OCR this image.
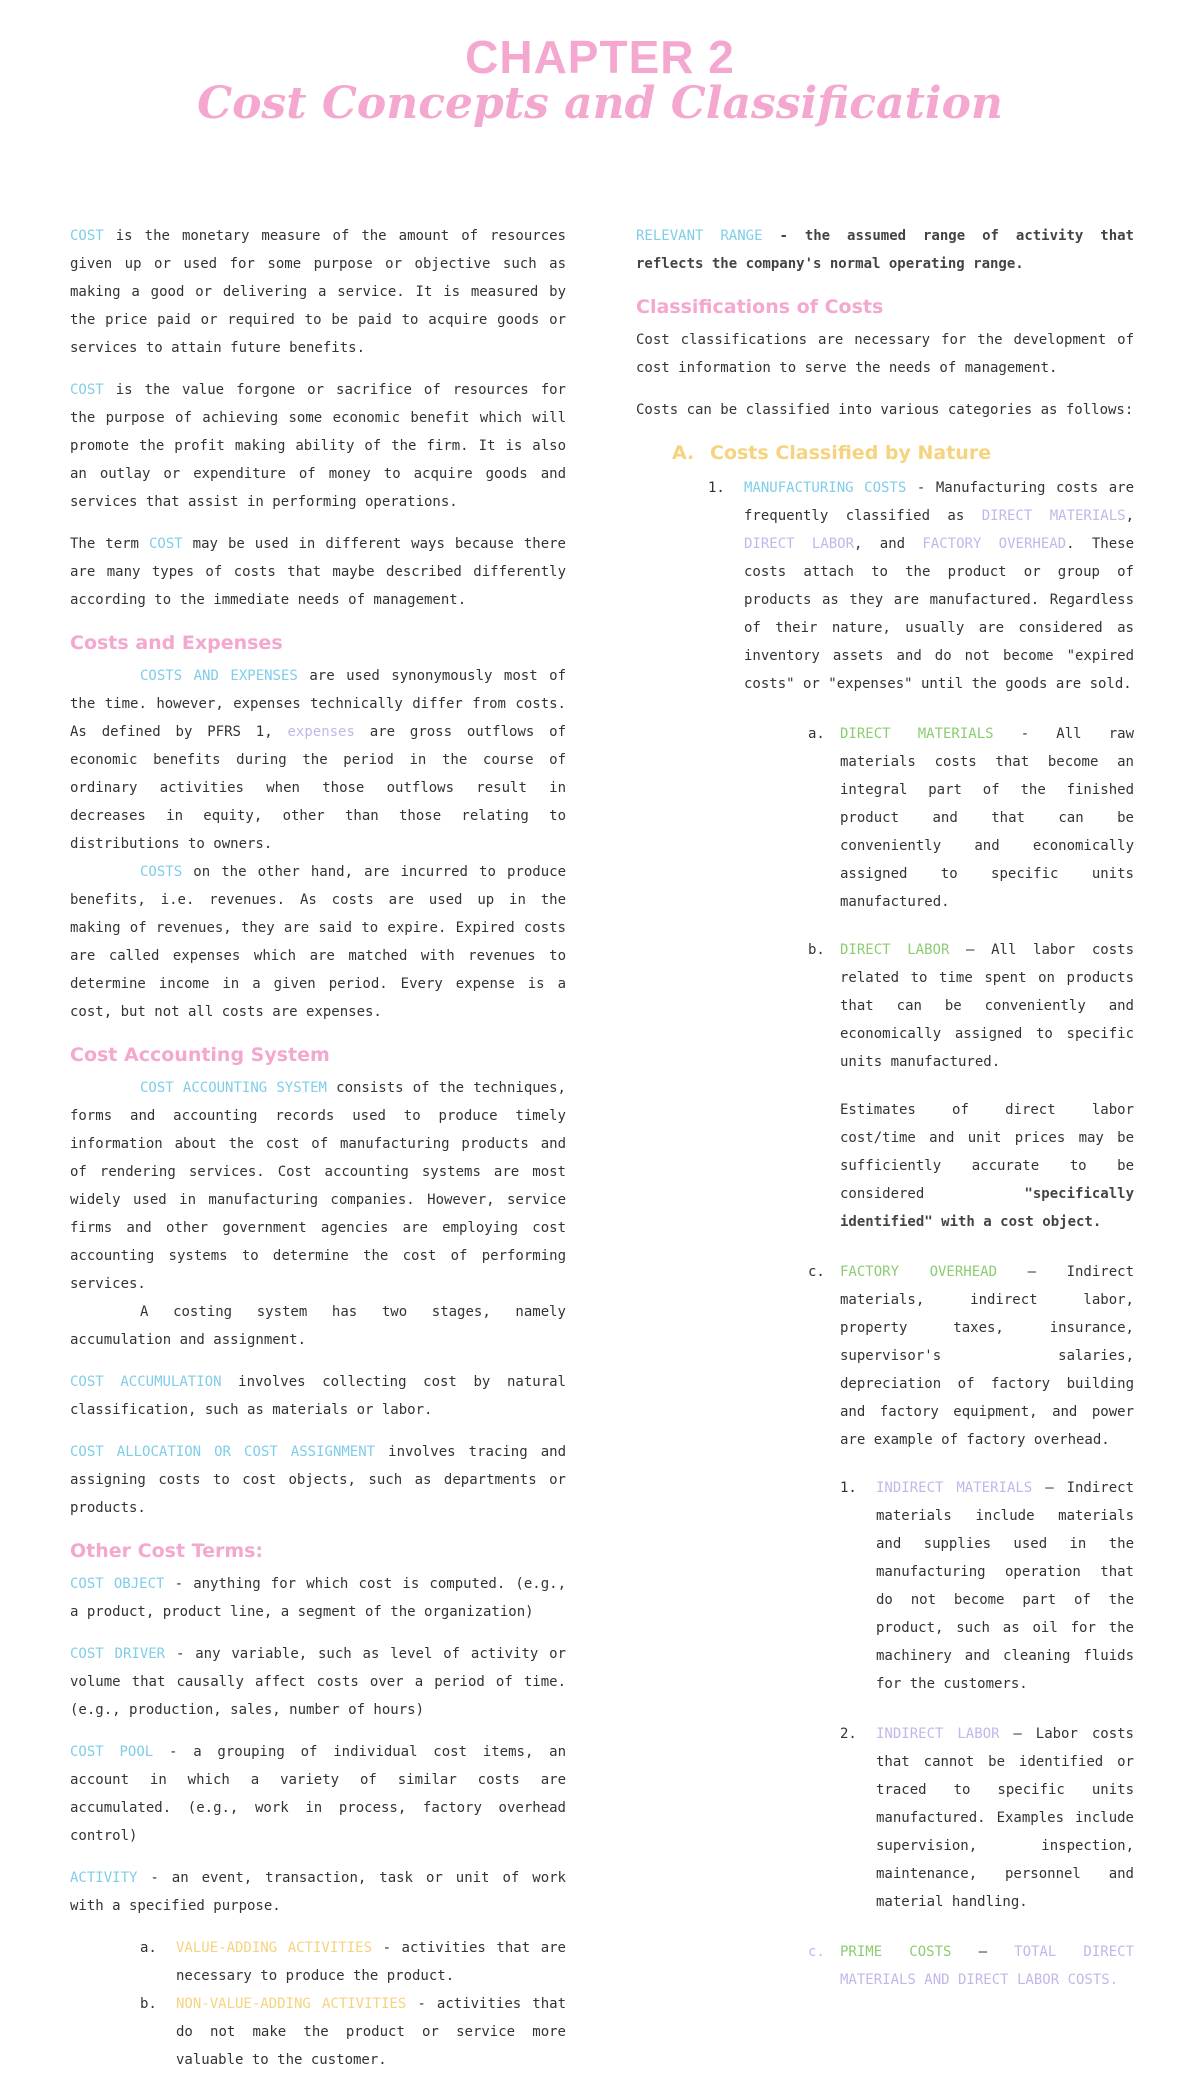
CHAPTER 2
Cost Concepts and Classification

COST is the monetary measure of the amount of resources given up or used for some purpose or objective such as making a good or delivering a service. It is measured by the price paid or required to be paid to acquire goods or services to attain future benefits.

COST is the value forgone or sacrifice of resources for the purpose of achieving some economic benefit which will promote the profit making ability of the firm. It is also an outlay or expenditure of money to acquire goods and services that assist in performing operations.

The term COST may be used in different ways because there are many types of costs that maybe described differently according to the immediate needs of management.

Costs and Expenses

COSTS AND EXPENSES are used synonymously most of the time. however, expenses technically differ from costs. As defined by PFRS 1, expenses are gross outflows of economic benefits during the period in the course of ordinary activities when those outflows result in decreases in equity, other than those relating to distributions to owners.

COSTS on the other hand, are incurred to produce benefits, i.e. revenues. As costs are used up in the making of revenues, they are said to expire. Expired costs are called expenses which are matched with revenues to determine income in a given period. Every expense is a cost, but not all costs are expenses.

Cost Accounting System

COST ACCOUNTING SYSTEM consists of the techniques, forms and accounting records used to produce timely information about the cost of manufacturing products and of rendering services. Cost accounting systems are most widely used in manufacturing companies. However, service firms and other government agencies are employing cost accounting systems to determine the cost of performing services.

A costing system has two stages, namely accumulation and assignment.

COST ACCUMULATION involves collecting cost by natural classification, such as materials or labor.

COST ALLOCATION OR COST ASSIGNMENT involves tracing and assigning costs to cost objects, such as departments or products.

Other Cost Terms:

COST OBJECT - anything for which cost is computed. (e.g., a product, product line, a segment of the organization)

COST DRIVER - any variable, such as level of activity or volume that causally affect costs over a period of time. (e.g., production, sales, number of hours)

COST POOL - a grouping of individual cost items, an account in which a variety of similar costs are accumulated. (e.g., work in process, factory overhead control)

ACTIVITY - an event, transaction, task or unit of work with a specified purpose.

a.	VALUE-ADDING ACTIVITIES - activities that are necessary to produce the product.
b.	NON-VALUE-ADDING ACTIVITIES - activities that do not make the product or service more valuable to the customer.

RELEVANT RANGE - the assumed range of activity that reflects the company's normal operating range.

Classifications of Costs

Cost classifications are necessary for the development of cost information to serve the needs of management.

Costs can be classified into various categories as follows:

A. Costs Classified by Nature
1.	MANUFACTURING COSTS - Manufacturing costs are frequently classified as DIRECT MATERIALS, DIRECT LABOR, and FACTORY OVERHEAD. These costs attach to the product or group of products as they are manufactured. Regardless of their nature, usually are considered as inventory assets and do not become "expired costs" or "expenses" until the goods are sold.
a.	DIRECT MATERIALS - All raw materials costs that become an integral part of the finished product and that can be conveniently and economically assigned to specific units manufactured.
b.	DIRECT LABOR — All labor costs related to time spent on products that can be conveniently and economically assigned to specific units manufactured.

Estimates of direct labor cost/time and unit prices may be sufficiently accurate to be considered "specifically identified" with a cost object.

c.	FACTORY OVERHEAD — Indirect materials, indirect labor, property taxes, insurance, supervisor's salaries, depreciation of factory building and factory equipment, and power are example of factory overhead.
1.	INDIRECT MATERIALS — Indirect materials include materials and supplies used in the manufacturing operation that do not become part of the product, such as oil for the machinery and cleaning fluids for the customers.
2.	INDIRECT LABOR — Labor costs that cannot be identified or traced to specific units manufactured. Examples include supervision, inspection, maintenance, personnel and material handling.
c.	PRIME COSTS — TOTAL DIRECT MATERIALS AND DIRECT LABOR COSTS.
